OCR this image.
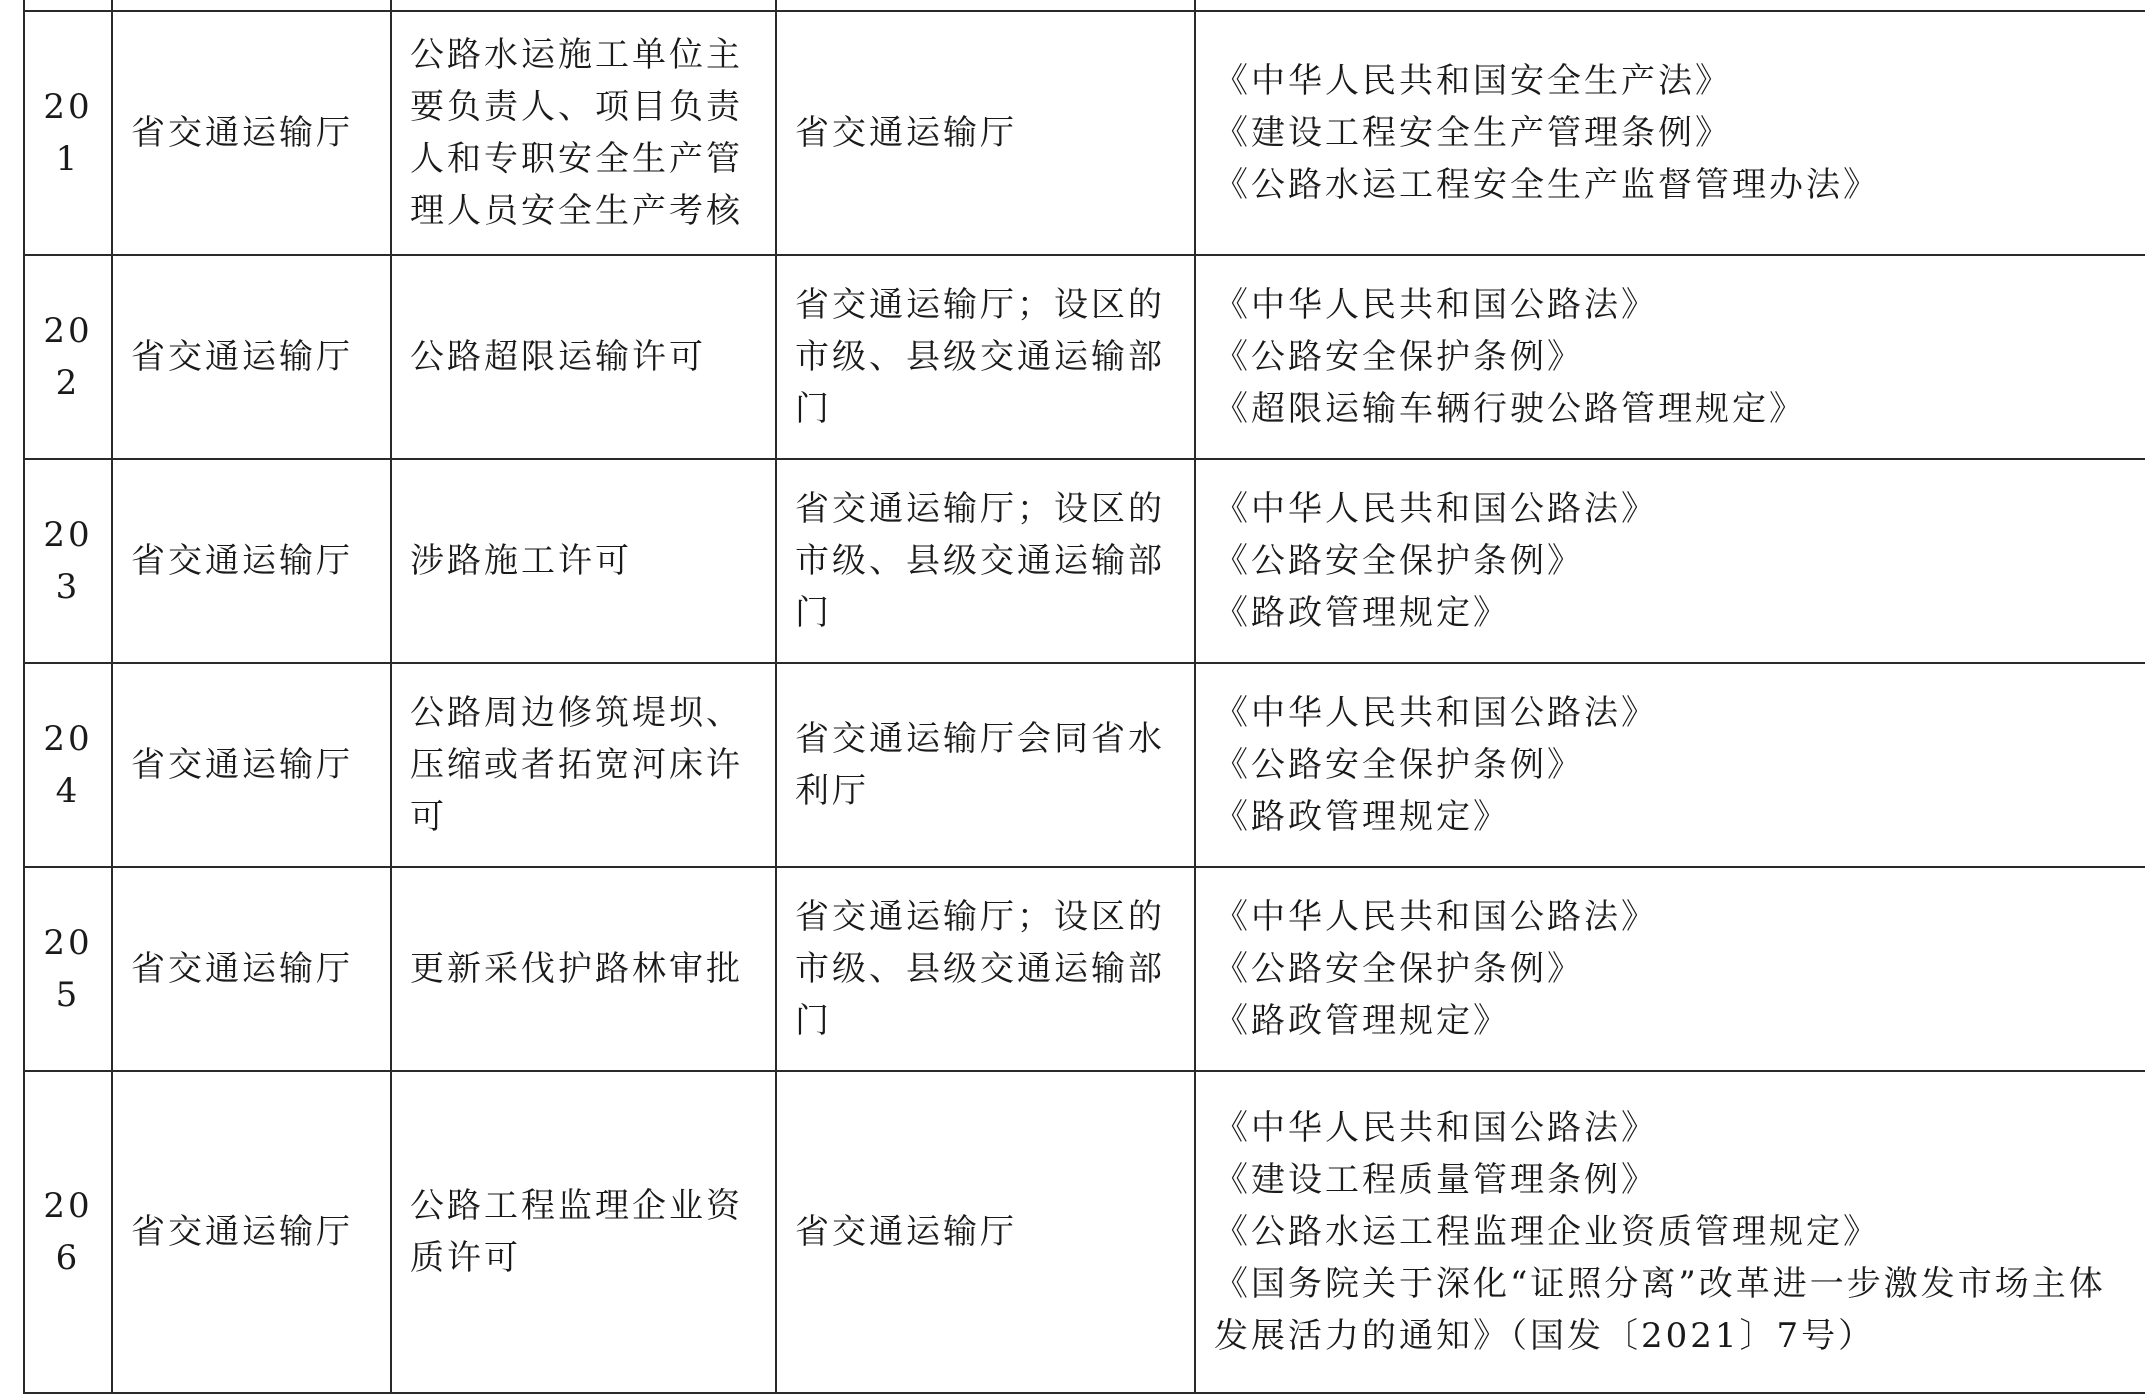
201	省交通运输厅	公路水运施工单位主要负责人、项目负责人和专职安全生产管理人员安全生产考核	省交通运输厅	《中华人民共和国安全生产法》
《建设工程安全生产管理条例》
《公路水运工程安全生产监督管理办法》

202	省交通运输厅	公路超限运输许可	省交通运输厅；设区的市级、县级交通运输部门	《中华人民共和国公路法》
《公路安全保护条例》
《超限运输车辆行驶公路管理规定》

203	省交通运输厅	涉路施工许可	省交通运输厅；设区的市级、县级交通运输部门	《中华人民共和国公路法》
《公路安全保护条例》
《路政管理规定》

204	省交通运输厅	公路周边修筑堤坝、压缩或者拓宽河床许可	省交通运输厅会同省水利厅	《中华人民共和国公路法》
《公路安全保护条例》
《路政管理规定》

205	省交通运输厅	更新采伐护路林审批	省交通运输厅；设区的市级、县级交通运输部门	《中华人民共和国公路法》
《公路安全保护条例》
《路政管理规定》

206	省交通运输厅	公路工程监理企业资质许可	省交通运输厅	《中华人民共和国公路法》
《建设工程质量管理条例》
《公路水运工程监理企业资质管理规定》
《国务院关于深化“证照分离”改革进一步激发市场主体发展活力的通知》（国发〔2021〕7号）
